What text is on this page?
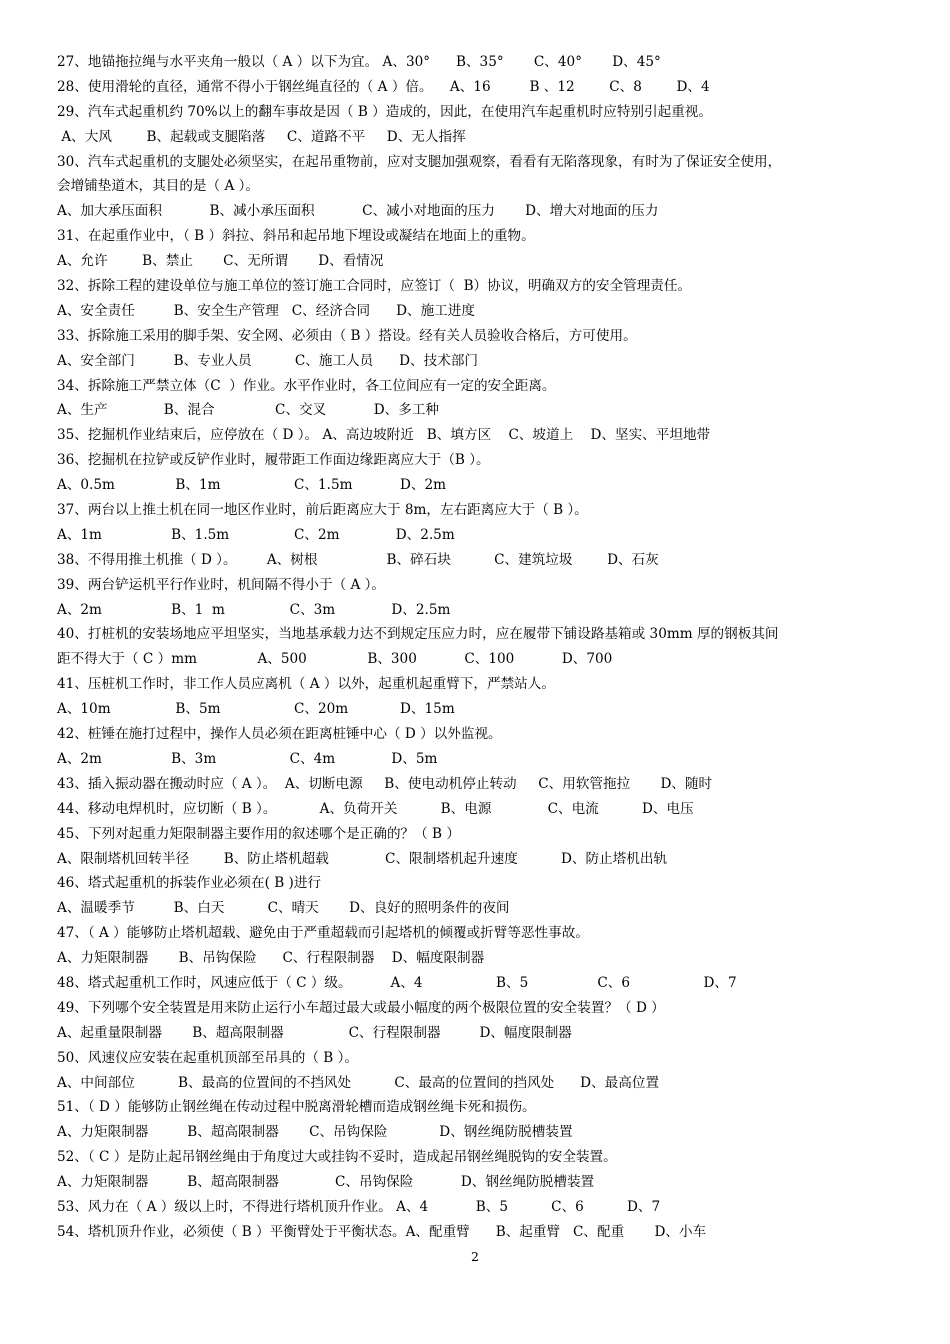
27、地锚拖拉绳与水平夹角一般以（ A ）以下为宜。 A、30°      B、35°       C、40°       D、45°
28、使用滑轮的直径，通常不得小于钢丝绳直径的（ A ）倍。    A、16         B 、12        C、8        D、4
29、汽车式起重机约 70%以上的翻车事故是因（ B ）造成的，因此，在使用汽车起重机时应特别引起重视。
A、大风        B、起载或支腿陷落     C、道路不平     D、无人指挥
30、汽车式起重机的支腿处必须坚实，在起吊重物前，应对支腿加强观察，看看有无陷落现象，有时为了保证安全使用，
会增铺垫道木，其目的是（ A ）。
A、加大承压面积           B、减小承压面积           C、减小对地面的压力       D、增大对地面的压力
31、在起重作业中，（ B ）斜拉、斜吊和起吊地下埋设或凝结在地面上的重物。
A、允许        B、禁止       C、无所谓       D、看情况
32、拆除工程的建设单位与施工单位的签订施工合同时，应签订（  B）协议，明确双方的安全管理责任。
A、安全责任         B、安全生产管理   C、经济合同      D、施工进度
33、拆除施工采用的脚手架、安全网、必须由（ B ）搭设。经有关人员验收合格后，方可使用。
A、安全部门         B、专业人员          C、施工人员      D、技术部门
34、拆除施工严禁立体（C  ）作业。水平作业时，各工位间应有一定的安全距离。
A、生产             B、混合              C、交叉           D、多工种
35、挖掘机作业结束后，应停放在（ D ）。 A、高边坡附近   B、填方区    C、坡道上    D、坚实、平坦地带
36、挖掘机在拉铲或反铲作业时，履带距工作面边缘距离应大于（B ）。
A、0.5m              B、1m                 C、1.5m           D、2m
37、两台以上推土机在同一地区作业时，前后距离应大于 8m，左右距离应大于（ B ）。
A、1m                B、1.5m               C、2m             D、2.5m
38、不得用推土机推（ D ）。       A、树根                B、碎石块          C、建筑垃圾        D、石灰
39、两台铲运机平行作业时，机间隔不得小于（ A ）。
A、2m                B、1  m               C、3m             D、2.5m
40、打桩机的安装场地应平坦坚实，当地基承载力达不到规定压应力时，应在履带下铺设路基箱或 30mm 厚的钢板其间
距不得大于（ C ）mm              A、500              B、300           C、100           D、700
41、压桩机工作时，非工作人员应离机（ A ）以外，起重机起重臂下，严禁站人。
A、10m               B、5m                 C、20m            D、15m
42、桩锤在施打过程中，操作人员必须在距离桩锤中心（ D ）以外监视。
A、2m                B、3m                 C、4m             D、5m
43、插入振动器在搬动时应（ A ）。  A、切断电源     B、使电动机停止转动     C、用软管拖拉       D、随时
44、移动电焊机时，应切断（ B ）。          A、负荷开关          B、电源             C、电流          D、电压
45、下列对起重力矩限制器主要作用的叙述哪个是正确的？（ B ）
A、限制塔机回转半径        B、防止塔机超载             C、限制塔机起升速度          D、防止塔机出轨
46、塔式起重机的拆装作业必须在( B )进行
A、温暖季节         B、白天          C、晴天       D、良好的照明条件的夜间
47、（ A ）能够防止塔机超载、避免由于严重超载而引起塔机的倾覆或折臂等恶性事故。
A、力矩限制器       B、吊钩保险      C、行程限制器    D、幅度限制器
48、塔式起重机工作时，风速应低于（ C ）级。         A、4                 B、5                C、6                 D、7
49、下列哪个安全装置是用来防止运行小车超过最大或最小幅度的两个极限位置的安全装置？（ D ）
A、起重量限制器       B、超高限制器               C、行程限制器         D、幅度限制器
50、风速仪应安装在起重机顶部至吊具的（ B ）。
A、中间部位          B、最高的位置间的不挡风处          C、最高的位置间的挡风处      D、最高位置
51、（ D ）能够防止钢丝绳在传动过程中脱离滑轮槽而造成钢丝绳卡死和损伤。
A、力矩限制器         B、超高限制器       C、吊钩保险            D、钢丝绳防脱槽装置
52、（ C ）是防止起吊钢丝绳由于角度过大或挂钩不妥时，造成起吊钢丝绳脱钩的安全装置。
A、力矩限制器         B、超高限制器             C、吊钩保险           D、钢丝绳防脱槽装置
53、风力在（ A ）级以上时，不得进行塔机顶升作业。 A、4           B、5          C、6          D、7
54、塔机顶升作业，必须使（ B ）平衡臂处于平衡状态。A、配重臂      B、起重臂   C、配重       D、小车
2
